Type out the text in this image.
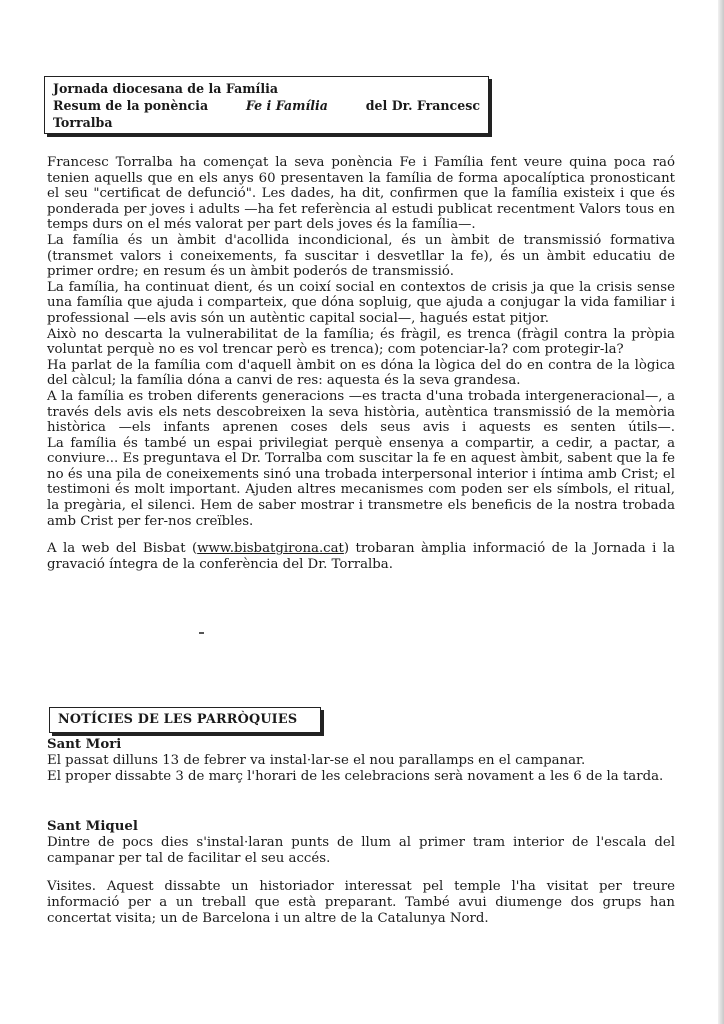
Jornada diocesana de la Família
Resum de la ponència	Fe i Família	del Dr. Francesc
Torralba

Francesc Torralba ha començat la seva ponència Fe i Família fent veure quina poca raó tenien aquells que en els anys 60 presentaven la família de forma apocalíptica pronosticant el seu "certificat de defunció". Les dades, ha dit, confirmen que la família existeix i que és ponderada per joves i adults —ha fet referència al estudi publicat recentment Valors tous en temps durs on el més valorat per part dels joves és la família—.

La família és un àmbit d'acollida incondicional, és un àmbit de transmissió formativa (transmet valors i coneixements, fa suscitar i desvetllar la fe), és un àmbit educatiu de primer ordre; en resum és un àmbit poderós de transmissió.

La família, ha continuat dient, és un coixí social en contextos de crisis ja que la crisis sense una família que ajuda i comparteix, que dóna sopluig, que ajuda a conjugar la vida familiar i professional —els avis són un autèntic capital social—, hagués estat pitjor.

Això no descarta la vulnerabilitat de la família; és fràgil, es trenca (fràgil contra la pròpia voluntat perquè no es vol trencar però es trenca); com potenciar-la? com protegir-la?

Ha parlat de la família com d'aquell àmbit on es dóna la lògica del do en contra de la lògica del càlcul; la família dóna a canvi de res: aquesta és la seva grandesa.

A la família es troben diferents generacions —es tracta d'una trobada intergeneracional—, a través dels avis els nets descobreixen la seva història, autèntica transmissió de la memòria històrica —els infants aprenen coses dels seus avis i aquests es senten útils—.

La família és també un espai privilegiat perquè ensenya a compartir, a cedir, a pactar, a conviure... Es preguntava el Dr. Torralba com suscitar la fe en aquest àmbit, sabent que la fe no és una pila de coneixements sinó una trobada interpersonal interior i íntima amb Crist; el testimoni és molt important. Ajuden altres mecanismes com poden ser els símbols, el ritual, la pregària, el silenci. Hem de saber mostrar i transmetre els beneficis de la nostra trobada amb Crist per fer-nos creïbles.

A la web del Bisbat (www.bisbatgirona.cat) trobaran àmplia informació de la Jornada i la gravació íntegra de la conferència del Dr. Torralba.

NOTÍCIES DE LES PARRÒQUIES
Sant Mori

El passat dilluns 13 de febrer va instal·lar-se el nou parallamps en el campanar.

El proper dissabte 3 de març l'horari de les celebracions serà novament a les 6 de la tarda.

Sant Miquel

Dintre de pocs dies s'instal·laran punts de llum al primer tram interior de l'escala del campanar per tal de facilitar el seu accés.

Visites. Aquest dissabte un historiador interessat pel temple l'ha visitat per treure informació per a un treball que està preparant. També avui diumenge dos grups han concertat visita; un de Barcelona i un altre de la Catalunya Nord.
